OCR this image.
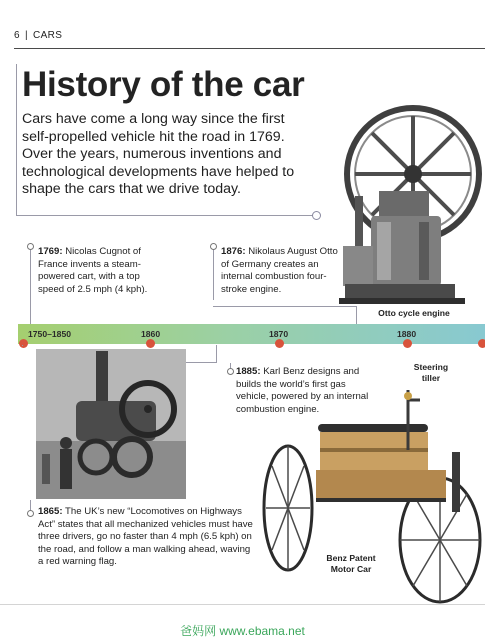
6 | CARS
History of the car
Cars have come a long way since the first self-propelled vehicle hit the road in 1769. Over the years, numerous inventions and technological developments have helped to shape the cars that we drive today.
Otto cycle engine
1769: Nicolas Cugnot of France invents a steam-powered cart, with a top speed of 2.5 mph (4 kph).
1876: Nikolaus August Otto of Germany creates an internal combustion four-stroke engine.
1750–1850	1860	1870	1880
1865: The UK’s new “Locomotives on Highways Act” states that all mechanized vehicles must have three drivers, go no faster than 4 mph (6.5 kph) on the road, and follow a man walking ahead, waving a red warning flag.
1885: Karl Benz designs and builds the world’s first gas vehicle, powered by an internal combustion engine.
Steering tiller
Benz Patent Motor Car
爸妈网 www.ebama.net
